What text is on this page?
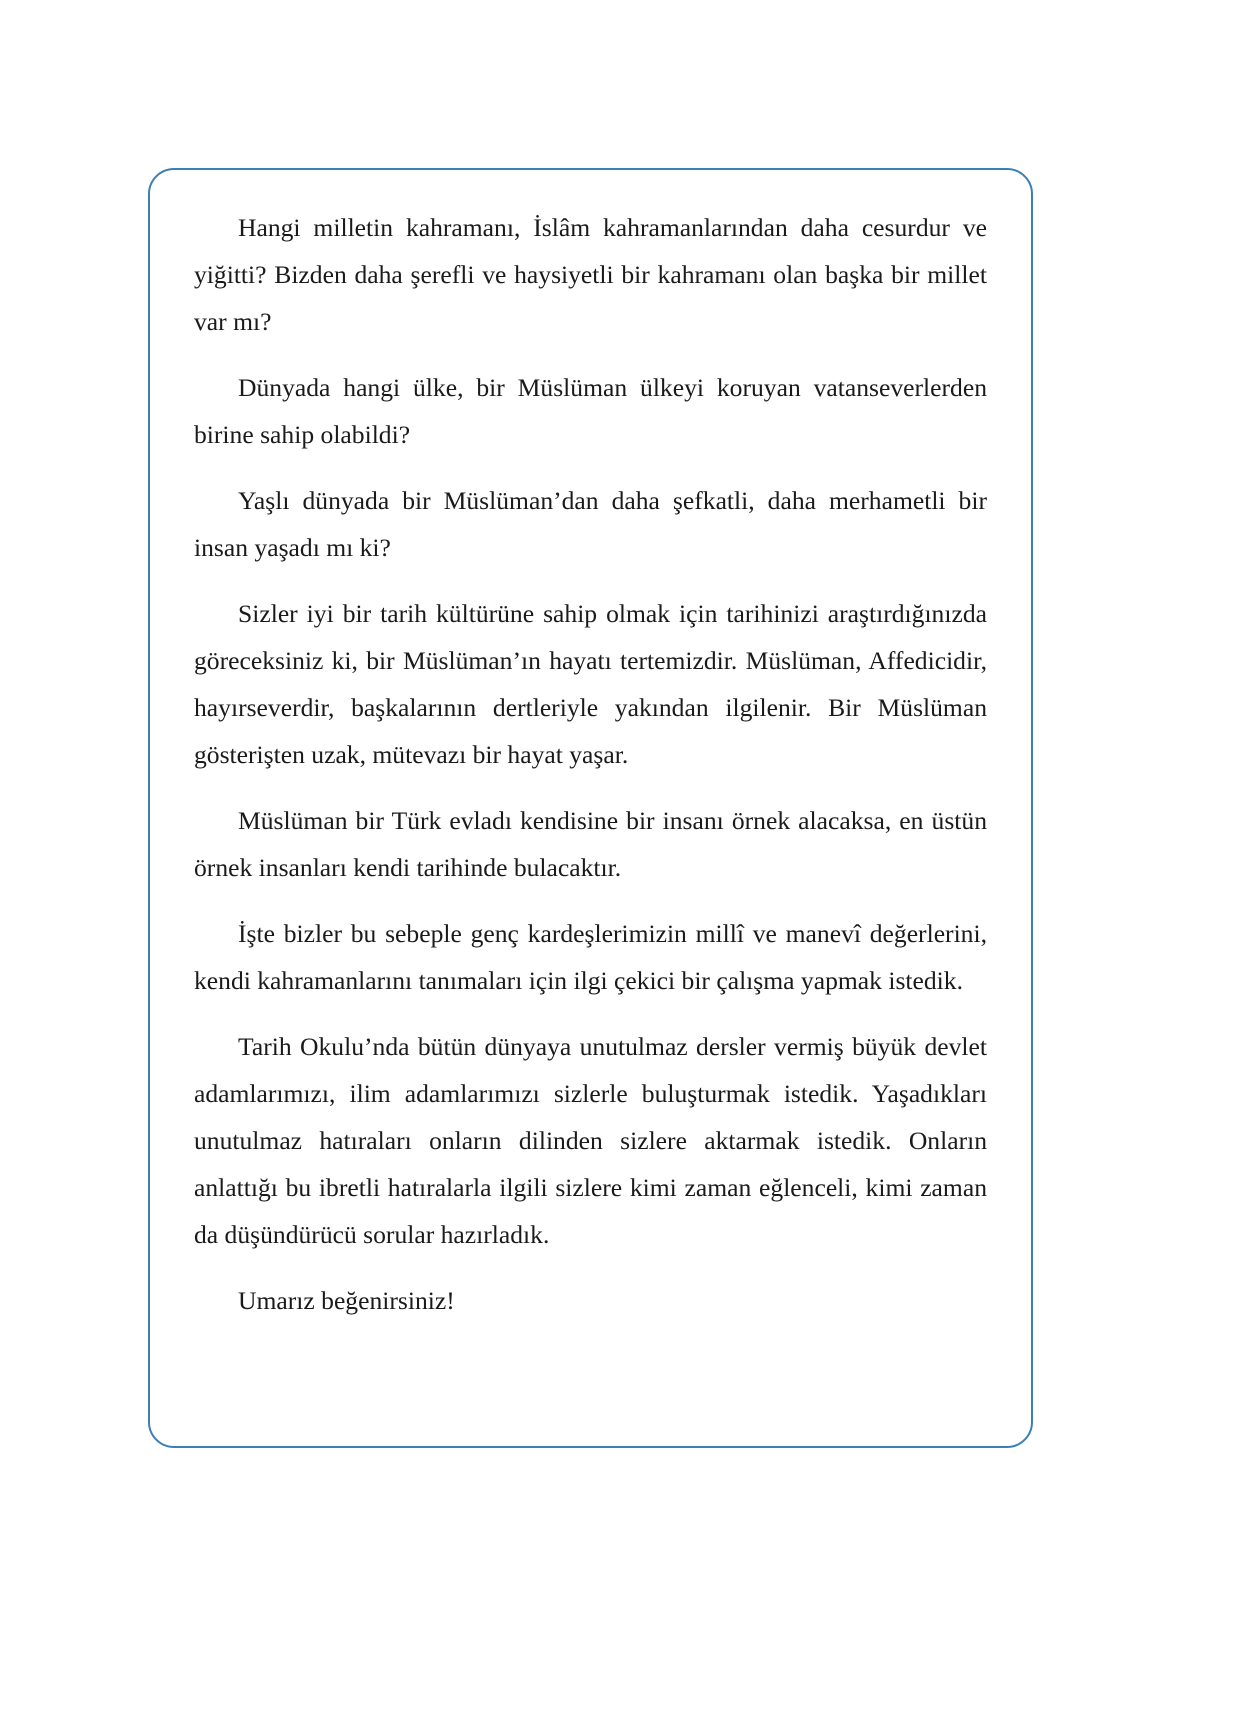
Hangi milletin kahramanı, İslâm kahramanlarından daha cesurdur ve yiğitti? Bizden daha şerefli ve haysiyetli bir kahramanı olan başka bir millet var mı?

Dünyada hangi ülke, bir Müslüman ülkeyi koruyan vatanseverlerden birine sahip olabildi?

Yaşlı dünyada bir Müslüman’dan daha şefkatli, daha merhametli bir insan yaşadı mı ki?

Sizler iyi bir tarih kültürüne sahip olmak için tarihinizi araştırdığınızda göreceksiniz ki, bir Müslüman’ın hayatı tertemizdir. Müslüman, Affedicidir, hayırseverdir, başkalarının dertleriyle yakından ilgilenir. Bir Müslüman gösterişten uzak, mütevazı bir hayat yaşar.

Müslüman bir Türk evladı kendisine bir insanı örnek alacaksa, en üstün örnek insanları kendi tarihinde bulacaktır.

İşte bizler bu sebeple genç kardeşlerimizin millî ve manevî değerlerini, kendi kahramanlarını tanımaları için ilgi çekici bir çalışma yapmak istedik.

Tarih Okulu’nda bütün dünyaya unutulmaz dersler vermiş büyük devlet adamlarımızı, ilim adamlarımızı sizlerle buluşturmak istedik. Yaşadıkları unutulmaz hatıraları onların dilinden sizlere aktarmak istedik. Onların anlattığı bu ibretli hatıralarla ilgili sizlere kimi zaman eğlenceli, kimi zaman da düşündürücü sorular hazırladık.

Umarız beğenirsiniz!
